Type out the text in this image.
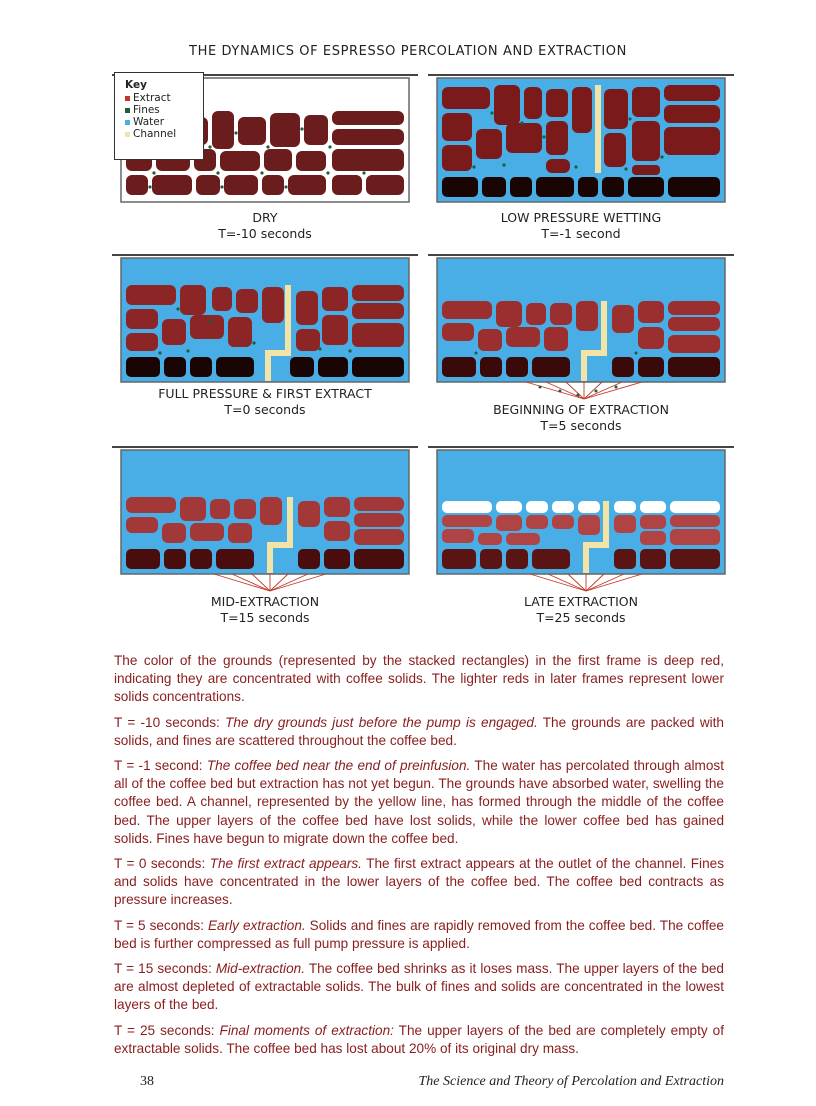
THE DYNAMICS OF ESPRESSO PERCOLATION AND EXTRACTION
DRY
T=-10 seconds
Key
Extract
Fines
Water
Channel
LOW PRESSURE WETTING
T=-1 second
FULL PRESSURE & FIRST EXTRACT
T=0 seconds	BEGINNING OF EXTRACTION
T=5 seconds
MID-EXTRACTION
T=15 seconds
LATE EXTRACTION
T=25 seconds

The color of the grounds (represented by the stacked rectangles) in the first frame is deep red, indicating they are concentrated with coffee solids. The lighter reds in later frames represent lower solids concentrations.

T = -10 seconds: The dry grounds just before the pump is engaged. The grounds are packed with solids, and fines are scattered throughout the coffee bed.

T = -1 second: The coffee bed near the end of preinfusion. The water has percolated through almost all of the coffee bed but extraction has not yet begun. The grounds have absorbed water, swelling the coffee bed. A channel, represented by the yellow line, has formed through the middle of the coffee bed. The upper layers of the coffee bed have lost solids, while the lower coffee bed has gained solids. Fines have begun to migrate down the coffee bed.

T = 0 seconds: The first extract appears. The first extract appears at the outlet of the channel. Fines and solids have concentrated in the lower layers of the coffee bed. The coffee bed contracts as pressure increases.

T = 5 seconds: Early extraction. Solids and fines are rapidly removed from the coffee bed. The coffee bed is further compressed as full pump pressure is applied.

T = 15 seconds: Mid-extraction. The coffee bed shrinks as it loses mass. The upper layers of the bed are almost depleted of extractable solids. The bulk of fines and solids are concentrated in the lowest layers of the bed.

T = 25 seconds: Final moments of extraction: The upper layers of the bed are completely empty of extractable solids. The coffee bed has lost about 20% of its original dry mass.

38	The Science and Theory of Percolation and Extraction
